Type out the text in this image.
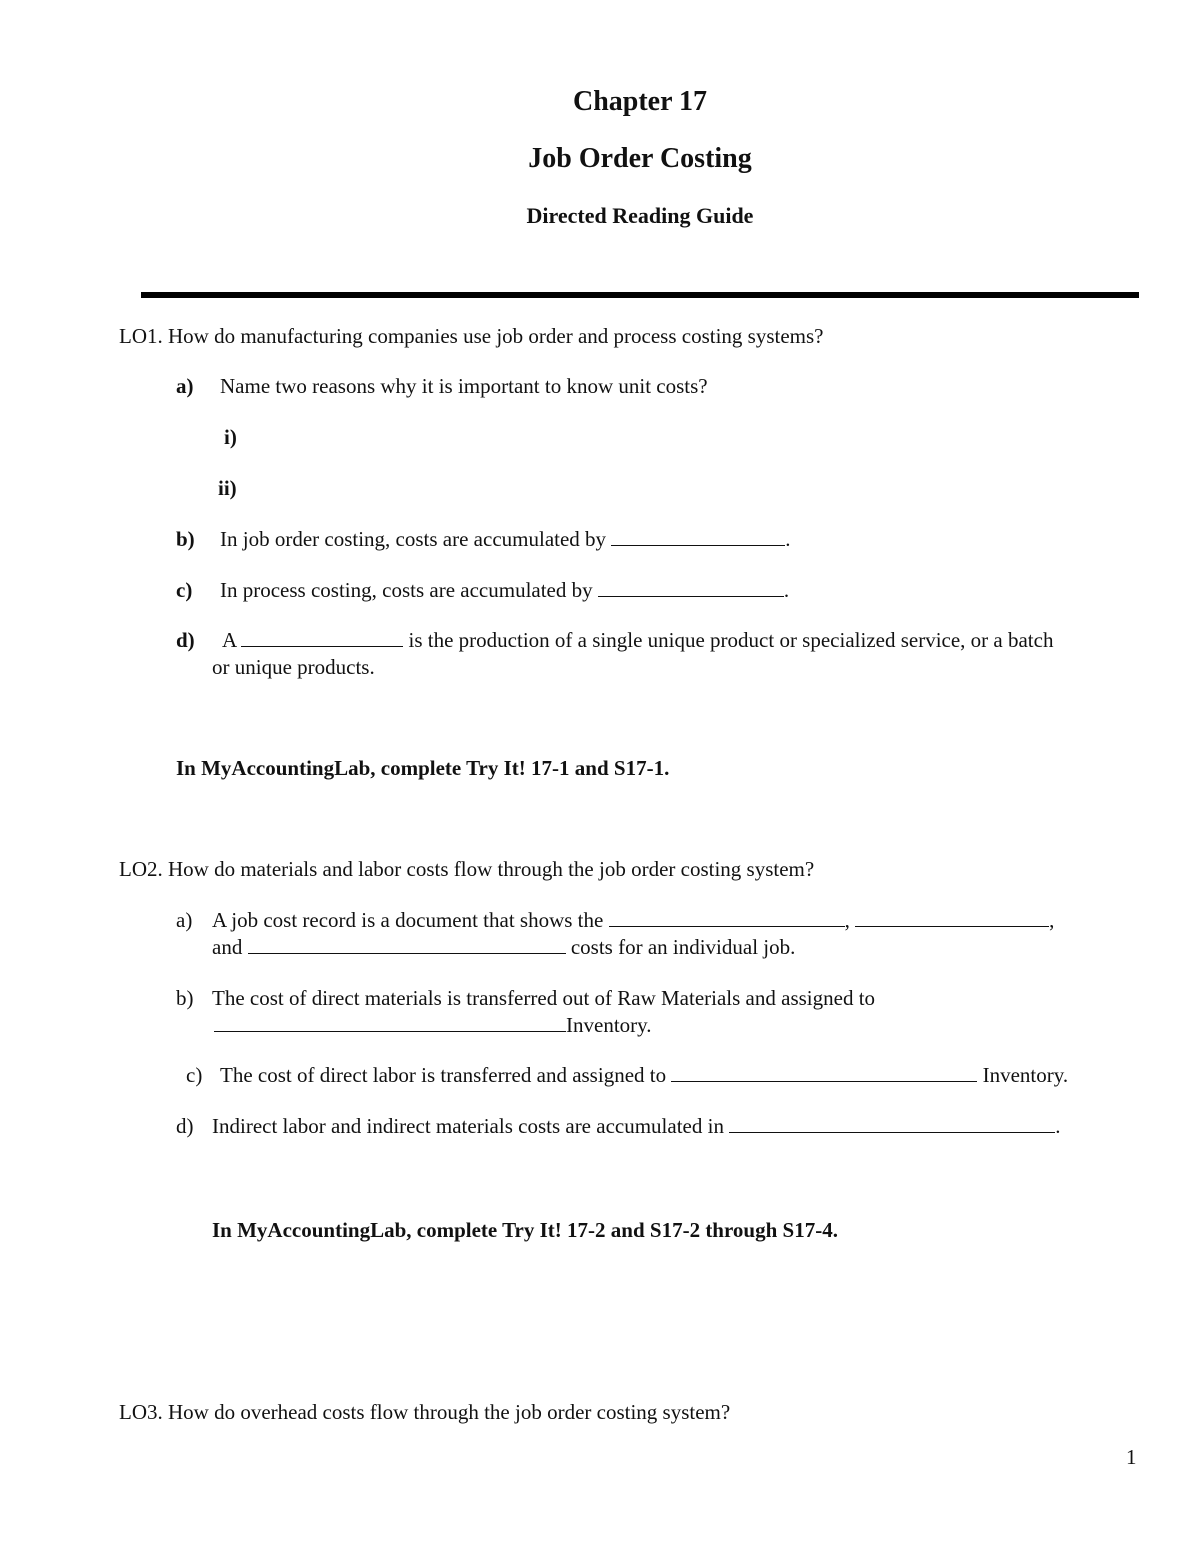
Chapter 17
Job Order Costing
Directed Reading Guide
LO1. How do manufacturing companies use job order and process costing systems?
a) Name two reasons why it is important to know unit costs?
i)
ii)
b) In job order costing, costs are accumulated by	.
c) In process costing, costs are accumulated by	.
d) A	is the production of a single unique product or specialized service, or a batch
or unique products.
In MyAccountingLab, complete Try It! 17-1 and S17-1.
LO2. How do materials and labor costs flow through the job order costing system?
a) A job cost record is a document that shows the	,	,
and	costs for an individual job.
b) The cost of direct materials is transferred out of Raw Materials and assigned to
Inventory.
c) The cost of direct labor is transferred and assigned to	Inventory.
d) Indirect labor and indirect materials costs are accumulated in	.
In MyAccountingLab, complete Try It! 17-2 and S17-2 through S17-4.
LO3. How do overhead costs flow through the job order costing system?
1
